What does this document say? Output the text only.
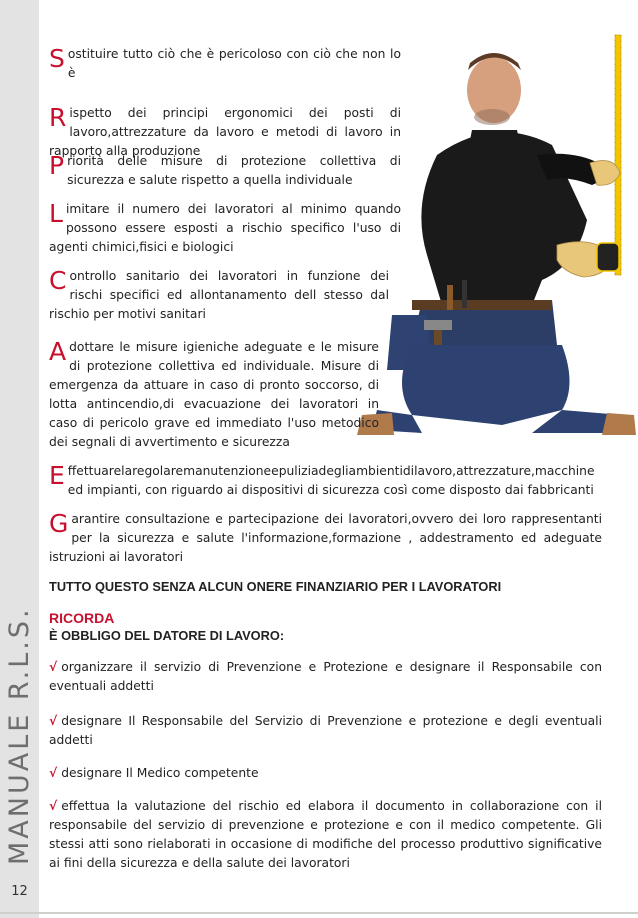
MANUALE R.L.S.
12
S ostituire tutto ciò che è pericoloso con ciò che non lo è
R ispetto dei principi ergonomici dei posti di lavoro,attrezzature da lavoro e metodi di lavoro in rapporto alla produzione
P riorità delle misure di protezione collettiva di sicurezza e salute rispetto a quella individuale
L imitare il numero dei lavoratori al minimo quando possono essere esposti a rischio specifico l'uso di agenti chimici,fisici e biologici
C ontrollo sanitario dei lavoratori in funzione dei rischi specifici ed allontanamento dell stesso dal rischio per motivi sanitari
A dottare le misure igieniche adeguate e le misure di protezione collettiva ed individuale. Misure di emergenza da attuare in caso di pronto soccorso, di lotta antincendio,di evacuazione dei lavoratori in caso di pericolo grave ed immediato l'uso metodico dei segnali di avvertimento e sicurezza
E ffettuarelaregolaremanutenzioneepuliziadegliambientidilavoro,attrezzature,macchine ed impianti, con riguardo ai dispositivi di sicurezza così come disposto dai fabbricanti
G arantire consultazione e partecipazione dei lavoratori,ovvero dei loro rappresentanti per la sicurezza e salute l'informazione,formazione , addestramento ed adeguate istruzioni ai lavoratori
TUTTO QUESTO SENZA ALCUN ONERE FINANZIARIO PER I LAVORATORI
RICORDA
È OBBLIGO DEL DATORE DI LAVORO:
√ organizzare il servizio di Prevenzione e Protezione e designare il Responsabile con eventuali addetti
√ designare Il Responsabile del Servizio di Prevenzione e protezione e degli eventuali addetti
√ designare Il Medico competente
√ effettua la valutazione del rischio ed elabora il documento in collaborazione con il responsabile del servizio di prevenzione e protezione e con il medico competente. Gli stessi atti sono rielaborati in occasione di modifiche del processo produttivo significative ai fini della sicurezza e della salute dei lavoratori
